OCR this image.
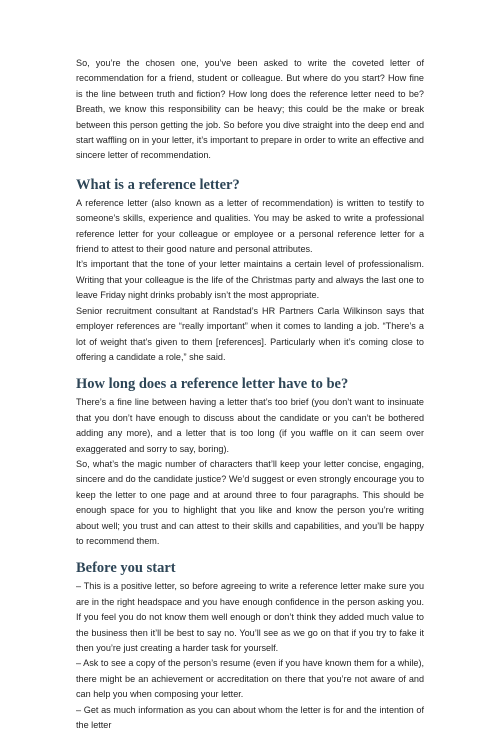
So, you’re the chosen one, you’ve been asked to write the coveted letter of recommendation for a friend, student or colleague. But where do you start? How fine is the line between truth and fiction? How long does the reference letter need to be? Breath, we know this responsibility can be heavy; this could be the make or break between this person getting the job. So before you dive straight into the deep end and start waffling on in your letter, it’s important to prepare in order to write an effective and sincere letter of recommendation.

What is a reference letter?

A reference letter (also known as a letter of recommendation) is written to testify to someone’s skills, experience and qualities. You may be asked to write a professional reference letter for your colleague or employee or a personal reference letter for a friend to attest to their good nature and personal attributes.

It’s important that the tone of your letter maintains a certain level of professionalism. Writing that your colleague is the life of the Christmas party and always the last one to leave Friday night drinks probably isn’t the most appropriate.

Senior recruitment consultant at Randstad’s HR Partners Carla Wilkinson says that employer references are “really important” when it comes to landing a job. “There’s a lot of weight that’s given to them [references]. Particularly when it’s coming close to offering a candidate a role,” she said.

How long does a reference letter have to be?

There’s a fine line between having a letter that’s too brief (you don’t want to insinuate that you don’t have enough to discuss about the candidate or you can’t be bothered adding any more), and a letter that is too long (if you waffle on it can seem over exaggerated and sorry to say, boring).

So, what’s the magic number of characters that’ll keep your letter concise, engaging, sincere and do the candidate justice? We’d suggest or even strongly encourage you to keep the letter to one page and at around three to four paragraphs. This should be enough space for you to highlight that you like and know the person you’re writing about well; you trust and can attest to their skills and capabilities, and you’ll be happy to recommend them.

Before you start

– This is a positive letter, so before agreeing to write a reference letter make sure you are in the right headspace and you have enough confidence in the person asking you. If you feel you do not know them well enough or don’t think they added much value to the business then it’ll be best to say no. You’ll see as we go on that if you try to fake it then you’re just creating a harder task for yourself.

– Ask to see a copy of the person’s resume (even if you have known them for a while), there might be an achievement or accreditation on there that you’re not aware of and can help you when composing your letter.

– Get as much information as you can about whom the letter is for and the intention of the letter
